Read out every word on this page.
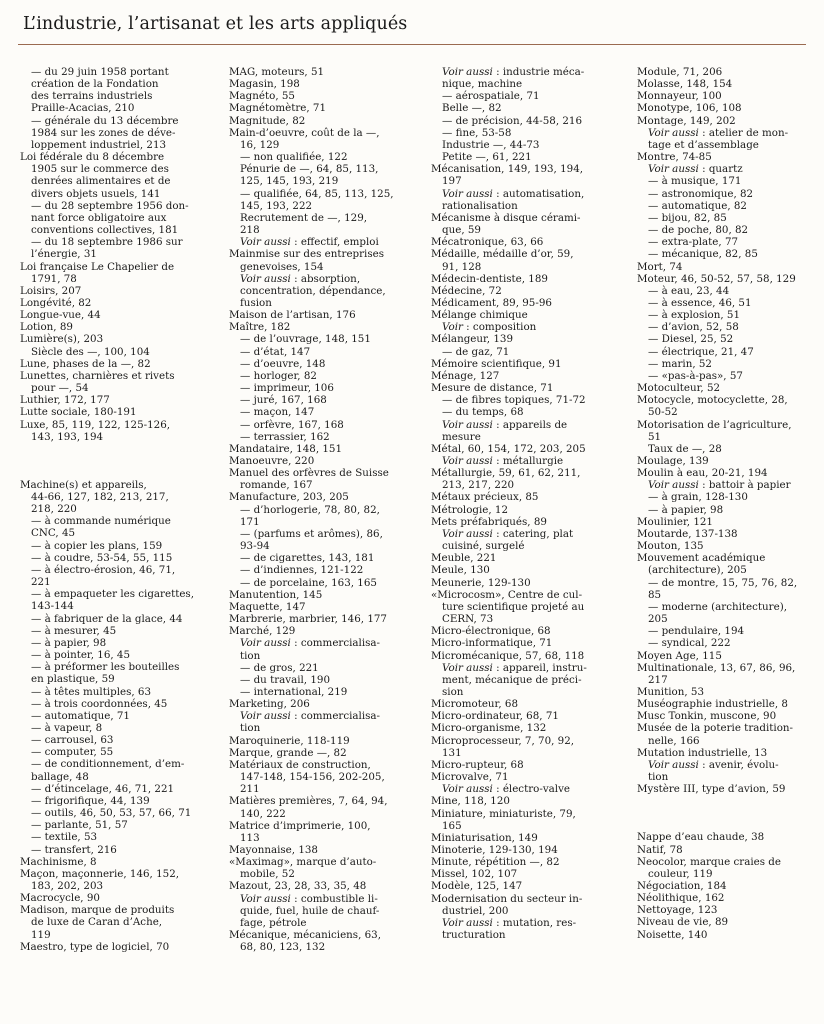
L’industrie, l’artisanat et les arts appliqués
— du 29 juin 1958 portant
création de la Fondation
des terrains industriels
Praille-Acacias, 210
— générale du 13 décembre
1984 sur les zones de déve-
loppement industriel, 213
Loi fédérale du 8 décembre
1905 sur le commerce des
denrées alimentaires et de
divers objets usuels, 141
— du 28 septembre 1956 don-
nant force obligatoire aux
conventions collectives, 181
— du 18 septembre 1986 sur
l’énergie, 31
Loi française Le Chapelier de
1791, 78
Loisirs, 207
Longévité, 82
Longue-vue, 44
Lotion, 89
Lumière(s), 203
Siècle des —, 100, 104
Lune, phases de la —, 82
Lunettes, charnières et rivets
pour —, 54
Luthier, 172, 177
Lutte sociale, 180-191
Luxe, 85, 119, 122, 125-126,
143, 193, 194
Machine(s) et appareils,
44-66, 127, 182, 213, 217,
218, 220
— à commande numérique
CNC, 45
— à copier les plans, 159
— à coudre, 53-54, 55, 115
— à électro-érosion, 46, 71,
221
— à empaqueter les cigarettes,
143-144
— à fabriquer de la glace, 44
— à mesurer, 45
— à papier, 98
— à pointer, 16, 45
— à préformer les bouteilles
en plastique, 59
— à têtes multiples, 63
— à trois coordonnées, 45
— automatique, 71
— à vapeur, 8
— carrousel, 63
— computer, 55
— de conditionnement, d’em-
ballage, 48
— d’étincelage, 46, 71, 221
— frigorifique, 44, 139
— outils, 46, 50, 53, 57, 66, 71
— parlante, 51, 57
— textile, 53
— transfert, 216
Machinisme, 8
Maçon, maçonnerie, 146, 152,
183, 202, 203
Macrocycle, 90
Madison, marque de produits
de luxe de Caran d’Ache,
119
Maestro, type de logiciel, 70
MAG, moteurs, 51
Magasin, 198
Magnéto, 55
Magnétomètre, 71
Magnitude, 82
Main-d’oeuvre, coût de la —,
16, 129
— non qualifiée, 122
Pénurie de —, 64, 85, 113,
125, 145, 193, 219
— qualifiée, 64, 85, 113, 125,
145, 193, 222
Recrutement de —, 129,
218
Voir aussi : effectif, emploi
Mainmise sur des entreprises
genevoises, 154
Voir aussi : absorption,
concentration, dépendance,
fusion
Maison de l’artisan, 176
Maître, 182
— de l’ouvrage, 148, 151
— d’état, 147
— d’oeuvre, 148
— horloger, 82
— imprimeur, 106
— juré, 167, 168
— maçon, 147
— orfèvre, 167, 168
— terrassier, 162
Mandataire, 148, 151
Manoeuvre, 220
Manuel des orfèvres de Suisse
romande, 167
Manufacture, 203, 205
— d’horlogerie, 78, 80, 82,
171
— (parfums et arômes), 86,
93-94
— de cigarettes, 143, 181
— d’indiennes, 121-122
— de porcelaine, 163, 165
Manutention, 145
Maquette, 147
Marbrerie, marbrier, 146, 177
Marché, 129
Voir aussi : commercialisa-
tion
— de gros, 221
— du travail, 190
— international, 219
Marketing, 206
Voir aussi : commercialisa-
tion
Maroquinerie, 118-119
Marque, grande —, 82
Matériaux de construction,
147-148, 154-156, 202-205,
211
Matières premières, 7, 64, 94,
140, 222
Matrice d’imprimerie, 100,
113
Mayonnaise, 138
«Maximag», marque d’auto-
mobile, 52
Mazout, 23, 28, 33, 35, 48
Voir aussi : combustible li-
quide, fuel, huile de chauf-
fage, pétrole
Mécanique, mécaniciens, 63,
68, 80, 123, 132
Voir aussi : industrie méca-
nique, machine
— aérospatiale, 71
Belle —, 82
— de précision, 44-58, 216
— fine, 53-58
Industrie —, 44-73
Petite —, 61, 221
Mécanisation, 149, 193, 194,
197
Voir aussi : automatisation,
rationalisation
Mécanisme à disque cérami-
que, 59
Mécatronique, 63, 66
Médaille, médaille d’or, 59,
91, 128
Médecin-dentiste, 189
Médecine, 72
Médicament, 89, 95-96
Mélange chimique
Voir : composition
Mélangeur, 139
— de gaz, 71
Mémoire scientifique, 91
Ménage, 127
Mesure de distance, 71
— de fibres topiques, 71-72
— du temps, 68
Voir aussi : appareils de
mesure
Métal, 60, 154, 172, 203, 205
Voir aussi : métallurgie
Métallurgie, 59, 61, 62, 211,
213, 217, 220
Métaux précieux, 85
Métrologie, 12
Mets préfabriqués, 89
Voir aussi : catering, plat
cuisiné, surgelé
Meuble, 221
Meule, 130
Meunerie, 129-130
«Microcosm», Centre de cul-
ture scientifique projeté au
CERN, 73
Micro-électronique, 68
Micro-informatique, 71
Micromécanique, 57, 68, 118
Voir aussi : appareil, instru-
ment, mécanique de préci-
sion
Micromoteur, 68
Micro-ordinateur, 68, 71
Micro-organisme, 132
Microprocesseur, 7, 70, 92,
131
Micro-rupteur, 68
Microvalve, 71
Voir aussi : électro-valve
Mine, 118, 120
Miniature, miniaturiste, 79,
165
Miniaturisation, 149
Minoterie, 129-130, 194
Minute, répétition —, 82
Missel, 102, 107
Modèle, 125, 147
Modernisation du secteur in-
dustriel, 200
Voir aussi : mutation, res-
tructuration
Module, 71, 206
Molasse, 148, 154
Monnayeur, 100
Monotype, 106, 108
Montage, 149, 202
Voir aussi : atelier de mon-
tage et d’assemblage
Montre, 74-85
Voir aussi : quartz
— à musique, 171
— astronomique, 82
— automatique, 82
— bijou, 82, 85
— de poche, 80, 82
— extra-plate, 77
— mécanique, 82, 85
Mort, 74
Moteur, 46, 50-52, 57, 58, 129
— à eau, 23, 44
— à essence, 46, 51
— à explosion, 51
— d’avion, 52, 58
— Diesel, 25, 52
— électrique, 21, 47
— marin, 52
— «pas-à-pas», 57
Motoculteur, 52
Motocycle, motocyclette, 28,
50-52
Motorisation de l’agriculture,
51
Taux de —, 28
Moulage, 139
Moulin à eau, 20-21, 194
Voir aussi : battoir à papier
— à grain, 128-130
— à papier, 98
Moulinier, 121
Moutarde, 137-138
Mouton, 135
Mouvement académique
(architecture), 205
— de montre, 15, 75, 76, 82,
85
— moderne (architecture),
205
— pendulaire, 194
— syndical, 222
Moyen Age, 115
Multinationale, 13, 67, 86, 96,
217
Munition, 53
Muséographie industrielle, 8
Musc Tonkin, muscone, 90
Musée de la poterie tradition-
nelle, 166
Mutation industrielle, 13
Voir aussi : avenir, évolu-
tion
Mystère III, type d’avion, 59
Nappe d’eau chaude, 38
Natif, 78
Neocolor, marque craies de
couleur, 119
Négociation, 184
Néolithique, 162
Nettoyage, 123
Niveau de vie, 89
Noisette, 140
